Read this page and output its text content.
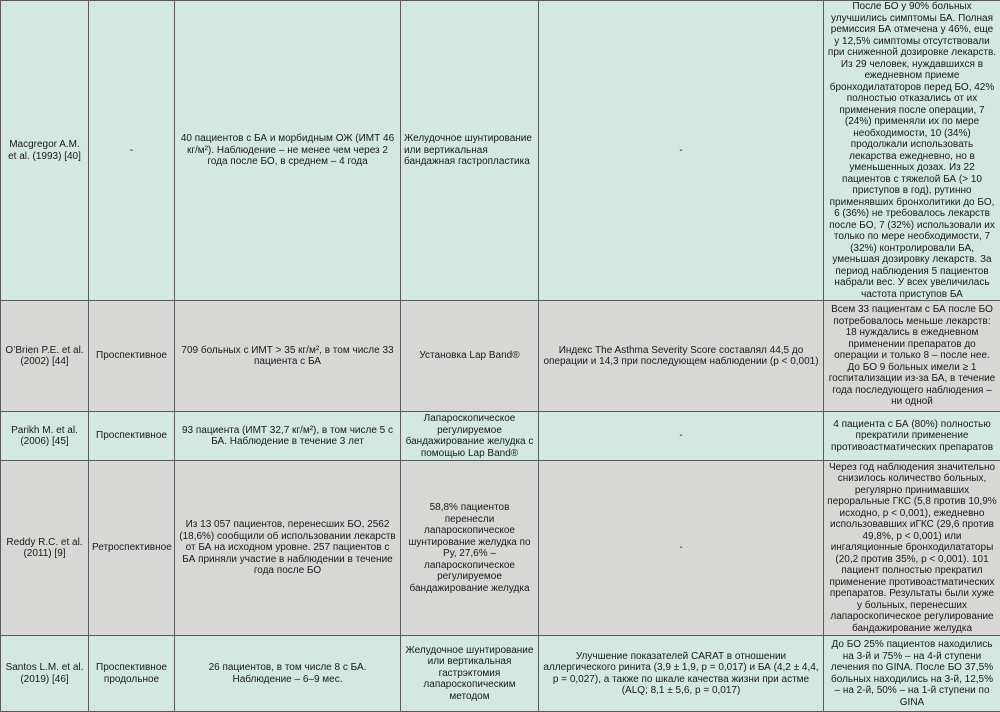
Macgregor A.M. et al. (1993) [40]	-	40 пациентов с БА и морбидным ОЖ (ИМТ 46 кг/м²). Наблюдение – не менее чем через 2 года после БО, в среднем – 4 года	Желудочное шунтирование или вертикальная бандажная гастропластика	-	После БО у 90% больных улучшились симптомы БА. Полная ремиссия БА отмечена у 46%, еще у 12,5% симптомы отсутствовали при сниженной дозировке лекарств. Из 29 человек, нуждавшихся в ежедневном приеме бронходилататоров перед БО, 42% полностью отказались от их применения после операции, 7 (24%) применяли их по мере необходимости, 10 (34%) продолжали использовать лекарства ежедневно, но в уменьшенных дозах. Из 22 пациентов с тяжелой БА (> 10 приступов в год), рутинно применявших бронхолитики до БО, 6 (36%) не требовалось лекарств после БО, 7 (32%) использовали их только по мере необходимости, 7 (32%) контролировали БА, уменьшая дозировку лекарств. За период наблюдения 5 пациентов набрали вес. У всех увеличилась частота приступов БА
O’Brien P.E. et al. (2002) [44]	Проспективное	709 больных с ИМТ > 35 кг/м², в том числе 33 пациента с БА	Установка Lap Band®	Индекс The Asthma Severity Score составлял 44,5 до операции и 14,3 при последующем наблюдении (p < 0,001)	Всем 33 пациентам с БА после БО потребовалось меньше лекарств: 18 нуждались в ежедневном применении препаратов до операции и только 8 – после нее. До БО 9 больных имели ≥ 1 госпитализации из-за БА, в течение года последующего наблюдения – ни одной
Parikh M. et al. (2006) [45]	Проспективное	93 пациента (ИМТ 32,7 кг/м²), в том числе 5 с БА. Наблюдение в течение 3 лет	Лапароскопическое регулируемое бандажирование желудка с помощью Lap Band®	-	4 пациента с БА (80%) полностью прекратили применение противоастматических препаратов
Reddy R.C. et al. (2011) [9]	Ретроспективное	Из 13 057 пациентов, перенесших БО, 2562 (18,6%) сообщили об использовании лекарств от БА на исходном уровне. 257 пациентов с БА приняли участие в наблюдении в течение года после БО	58,8% пациентов перенесли лапароскопическое шунтирование желудка по Ру, 27,6% – лапароскопическое регулируемое бандажирование желудка	-	Через год наблюдения значительно снизилось количество больных, регулярно принимавших пероральные ГКС (5,8 против 10,9% исходно, p < 0,001), ежедневно использовавших иГКС (29,6 против 49,8%, p < 0,001) или ингаляционные бронходилататоры (20,2 против 35%, p < 0,001). 101 пациент полностью прекратил применение противоастматических препаратов. Результаты были хуже у больных, перенесших лапароскопическое регулирование бандажирование желудка
Santos L.M. et al. (2019) [46]	Проспективное продольное	26 пациентов, в том числе 8 с БА. Наблюдение – 6–9 мес.	Желудочное шунтирование или вертикальная гастрэктомия лапароскопическим методом	Улучшение показателей CARAT в отношении аллергического ринита (3,9 ± 1,9, p = 0,017) и БА (4,2 ± 4,4, p = 0,027), а также по шкале качества жизни при астме (ALQ; 8,1 ± 5,6, p = 0,017)	До БО 25% пациентов находились на 3-й и 75% – на 4-й ступени лечения по GINA. После БО 37,5% больных находились на 3-й, 12,5% – на 2-й, 50% – на 1-й ступени по GINA
